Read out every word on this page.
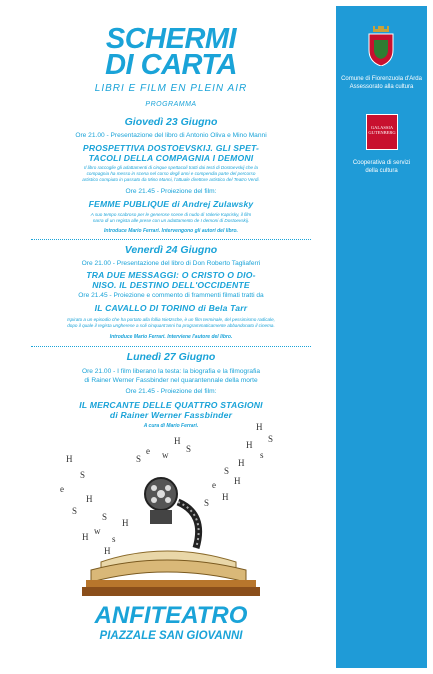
SCHERMI
DI CARTA
LIBRI E FILM EN PLEIN AIR
PROGRAMMA
Giovedì 23 Giugno
Ore 21.00 - Presentazione del libro di Antonio Oliva e Mino Manni
PROSPETTIVA DOSTOEVSKIJ. GLI SPET-
TACOLI DELLA COMPAGNIA I DEMONI
Il libro raccoglie gli adattamenti di cinque spettacoli tratti dai testi di Dostoevskij che la
compagnia ha messo in scena nel corso degli anni e compendia parte del percorso
artistico compiuto in passato da Mino Manni, l'attuale direttore artistico del Teatro Verdi.
Ore 21.45 - Proiezione del film:
FEMME PUBLIQUE di Andrej Zulawsky
A suo tempo scabroso per le generose scene di nudo di Valerie Kaprisky, il film
narra di un regista alle prese con un adattamento de I demoni di Dostoevskij.
Introduce Mario Ferrari. Intervengono gli autori del libro.
Venerdì 24 Giugno
Ore 21.00 - Presentazione del libro di Don Roberto Tagliaferri
TRA DUE MESSAGGI: O CRISTO O DIO-
NISO. IL DESTINO DELL'OCCIDENTE
Ore 21.45 - Proiezione e commento di frammenti filmati tratti da
IL CAVALLO DI TORINO di Bela Tarr
Ispirato a un episodio che ha portato alla follia Nietzsche, è un film terminale, del pessimismo radicale,
dopo il quale il regista ungherese a soli cinquant'anni ha programmaticamente abbandonato il cinema.
Introduce Mario Ferrari. Interviene l'autore del libro.
Lunedì 27 Giugno
Ore 21.00 - I film liberano la testa: la biografia e la filmografia
di Rainer Werner Fassbinder nel quarantennale della morte
Ore 21.45 - Proiezione del film:
IL MERCANTE DELLE QUATTRO STAGIONI
di Rainer Werner Fassbinder
A cura di Mario Ferrari.
H
S
e
H
S
S
w
H	s
H
H
H
S
H
s
H
S
H
e
H
S
S
e
H
S
w
ANFITEATRO
PIAZZALE SAN GIOVANNI
Comune di Fiorenzuola d'Arda
Assessorato alla cultura
GALASSIA
GUTENBERG
Cooperativa di servizi
della cultura
